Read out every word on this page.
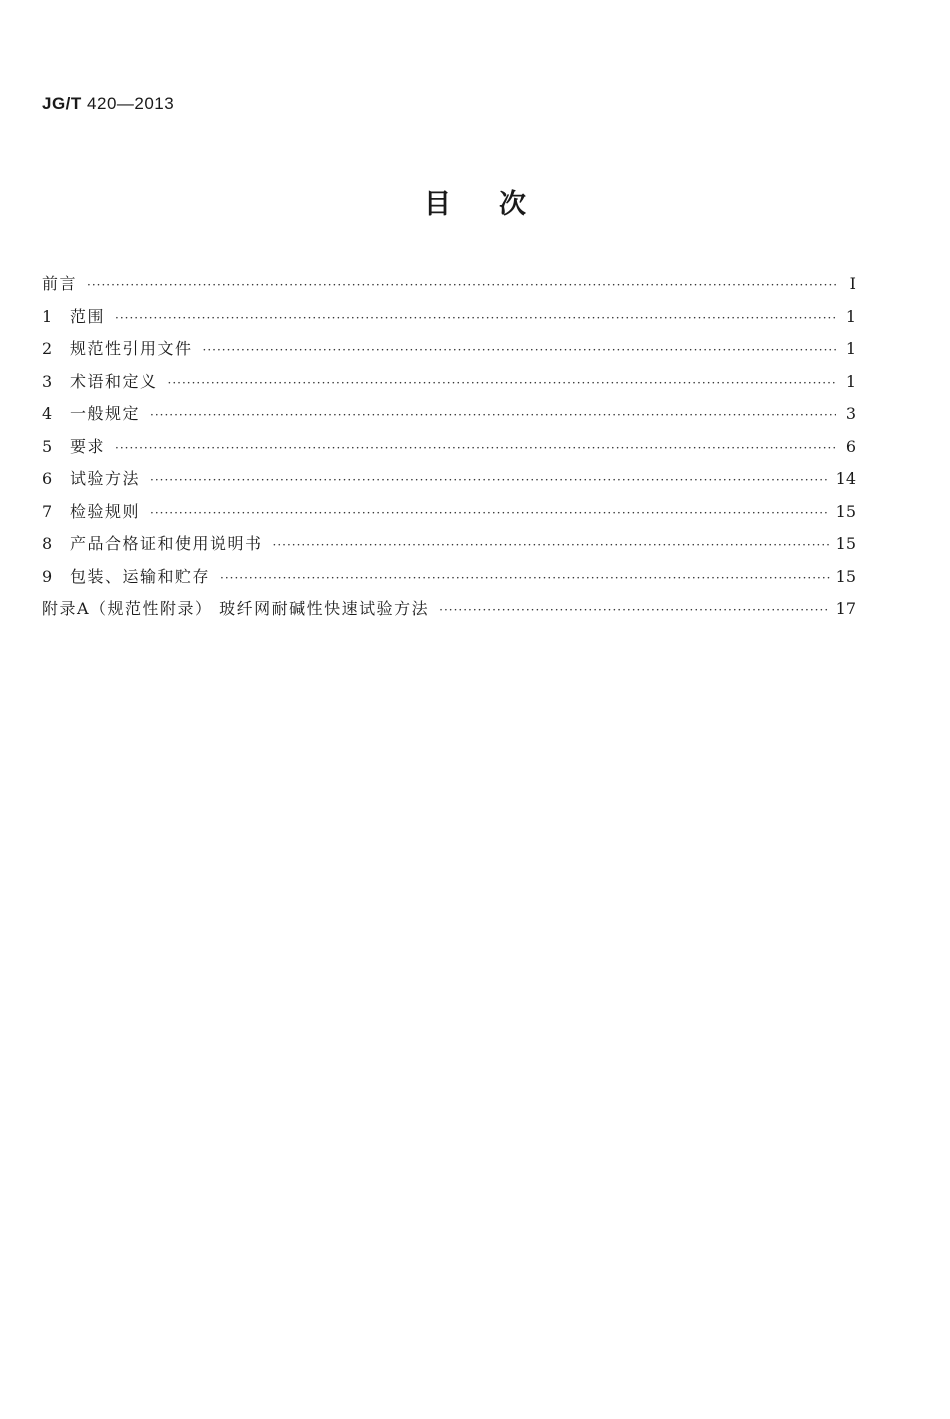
JG/T 420—2013
目次
前言 ·····	Ⅰ
1	范围 ·····	1
2	规范性引用文件 ·····	1
3	术语和定义 ·····	1
4	一般规定 ·····	3
5	要求 ·····	6
6	试验方法 ·····	14
7	检验规则 ·····	15
8	产品合格证和使用说明书 ·····	15
9	包装、运输和贮存 ·····	15
附录A（规范性附录） 玻纤网耐碱性快速试验方法 ·····	17
